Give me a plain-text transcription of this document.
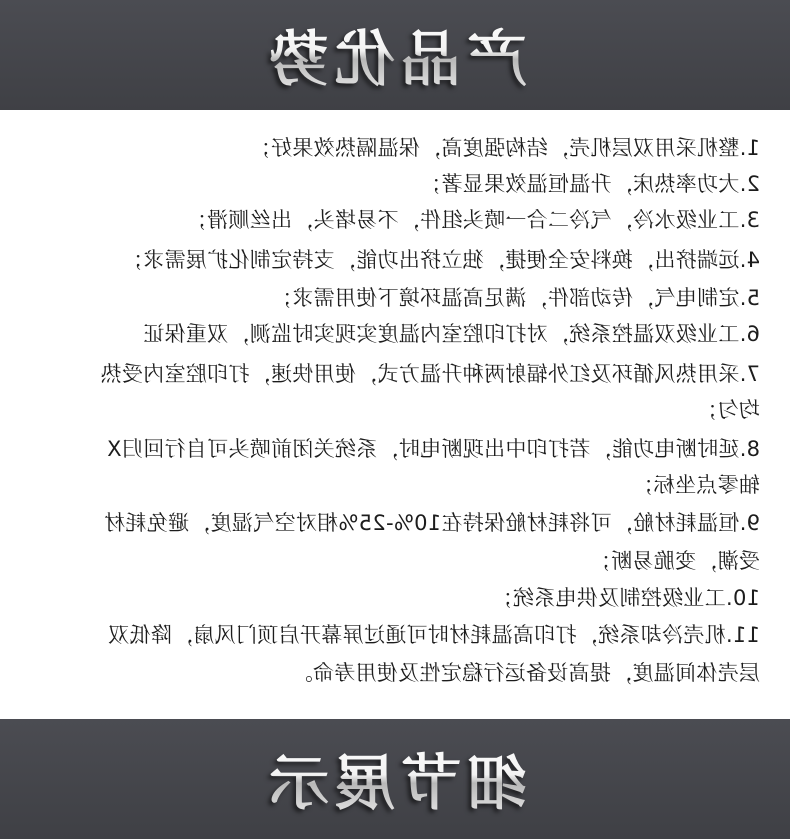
产品优势
1.整机采用双层机壳，结构强度高，保温隔热效果好；
2.大功率热床，升温恒温效果显著；
3.工业级水冷，气冷二合一喷头组件，不易堵头，出丝顺滑；
4.远端挤出，换料安全便捷，独立挤出功能，支持定制化扩展需求；
5.定制电气，传动部件，满足高温环境下使用需求；
6.工业级双温控系统，对打印腔室内温度实现实时监测，双重保证
7.采用热风循环及红外辐射两种升温方式，使用快速，打印腔室内受热
均匀；
8.延时断电功能，若打印中出现断电时，系统关闭前喷头可自行回归X
轴零点坐标；
9.恒温耗材舱，可将耗材舱保持在10%-25%相对空气湿度，避免耗材
受潮，变脆易断；
10.工业级控制及供电系统；
11.机壳冷却系统，打印高温耗材时可通过屏幕开启顶门风扇，降低双
层壳体间温度，提高设备运行稳定性及使用寿命。
细节展示
